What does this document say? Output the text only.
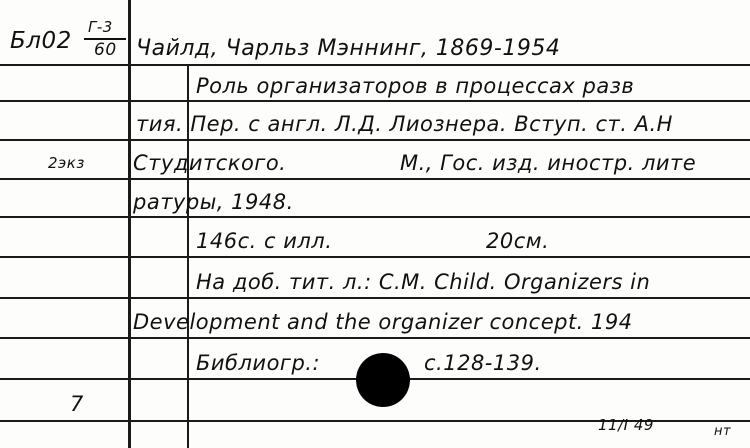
Бл02
Г-3
60
2экз
7
Чайлд, Чарльз Мэннинг, 1869-1954
Роль организаторов в процессах разв
тия. Пер. с англ. Л.Д. Лиознера. Вступ. ст. А.Н
Студитского.	М., Гос. изд. иностр. лите
ратуры, 1948.
146с. с илл.	20см.
На доб. тит. л.: C.M. Child. Organizers in
Development and the organizer concept. 194
Библиогр.:	с.128-139.
11/I 49	нт
